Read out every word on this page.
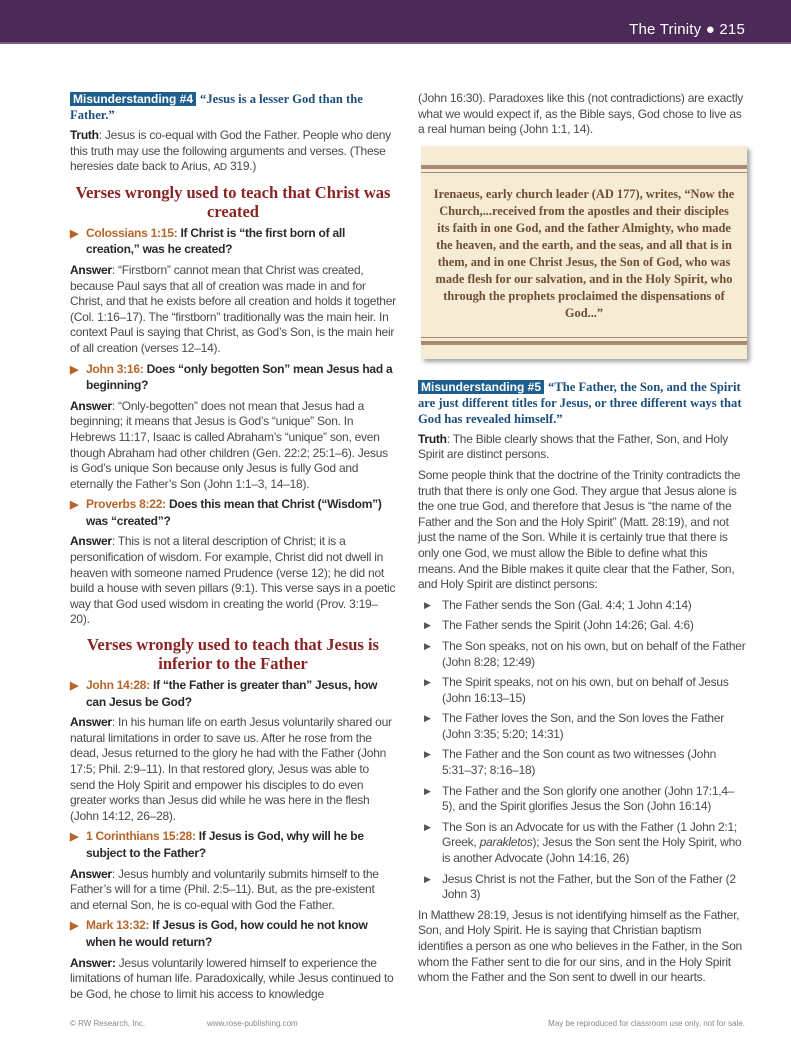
The Trinity ● 215
Misunderstanding #4 “Jesus is a lesser God than the Father.”
Truth: Jesus is co-equal with God the Father. People who deny this truth may use the following arguments and verses. (These heresies date back to Arius, AD 319.)
Verses wrongly used to teach that Christ was created
▶ Colossians 1:15: If Christ is “the first born of all creation,” was he created?
Answer: “Firstborn” cannot mean that Christ was created, because Paul says that all of creation was made in and for Christ, and that he exists before all creation and holds it together (Col. 1:16–17). The “firstborn” traditionally was the main heir. In context Paul is saying that Christ, as God’s Son, is the main heir of all creation (verses 12–14).
▶ John 3:16: Does “only begotten Son” mean Jesus had a beginning?
Answer: “Only-begotten” does not mean that Jesus had a beginning; it means that Jesus is God’s “unique” Son. In Hebrews 11:17, Isaac is called Abraham’s “unique” son, even though Abraham had other children (Gen. 22:2; 25:1–6). Jesus is God’s unique Son because only Jesus is fully God and eternally the Father’s Son (John 1:1–3, 14–18).
▶ Proverbs 8:22: Does this mean that Christ (“Wisdom”) was “created”?
Answer: This is not a literal description of Christ; it is a personification of wisdom. For example, Christ did not dwell in heaven with someone named Prudence (verse 12); he did not build a house with seven pillars (9:1). This verse says in a poetic way that God used wisdom in creating the world (Prov. 3:19–20).
Verses wrongly used to teach that Jesus is inferior to the Father
▶ John 14:28: If “the Father is greater than” Jesus, how can Jesus be God?
Answer: In his human life on earth Jesus voluntarily shared our natural limitations in order to save us. After he rose from the dead, Jesus returned to the glory he had with the Father (John 17:5; Phil. 2:9–11). In that restored glory, Jesus was able to send the Holy Spirit and empower his disciples to do even greater works than Jesus did while he was here in the flesh (John 14:12, 26–28).
▶ 1 Corinthians 15:28: If Jesus is God, why will he be subject to the Father?
Answer: Jesus humbly and voluntarily submits himself to the Father’s will for a time (Phil. 2:5–11). But, as the pre-existent and eternal Son, he is co-equal with God the Father.
▶ Mark 13:32: If Jesus is God, how could he not know when he would return?
Answer: Jesus voluntarily lowered himself to experience the limitations of human life. Paradoxically, while Jesus continued to be God, he chose to limit his access to knowledge
(John 16:30). Paradoxes like this (not contradictions) are exactly what we would expect if, as the Bible says, God chose to live as a real human being (John 1:1, 14).
Irenaeus, early church leader (AD 177), writes, “Now the Church,...received from the apostles and their disciples its faith in one God, and the father Almighty, who made the heaven, and the earth, and the seas, and all that is in them, and in one Christ Jesus, the Son of God, who was made flesh for our salvation, and in the Holy Spirit, who through the prophets proclaimed the dispensations of God...”
Misunderstanding #5 “The Father, the Son, and the Spirit are just different titles for Jesus, or three different ways that God has revealed himself.”
Truth: The Bible clearly shows that the Father, Son, and Holy Spirit are distinct persons.
Some people think that the doctrine of the Trinity contradicts the truth that there is only one God. They argue that Jesus alone is the one true God, and therefore that Jesus is “the name of the Father and the Son and the Holy Spirit” (Matt. 28:19), and not just the name of the Son. While it is certainly true that there is only one God, we must allow the Bible to define what this means. And the Bible makes it quite clear that the Father, Son, and Holy Spirit are distinct persons:
▶ The Father sends the Son (Gal. 4:4; 1 John 4:14)
▶ The Father sends the Spirit (John 14:26; Gal. 4:6)
▶ The Son speaks, not on his own, but on behalf of the Father (John 8:28; 12:49)
▶ The Spirit speaks, not on his own, but on behalf of Jesus (John 16:13–15)
▶ The Father loves the Son, and the Son loves the Father (John 3:35; 5:20; 14:31)
▶ The Father and the Son count as two witnesses (John 5:31–37; 8:16–18)
▶ The Father and the Son glorify one another (John 17:1,4–5), and the Spirit glorifies Jesus the Son (John 16:14)
▶ The Son is an Advocate for us with the Father (1 John 2:1; Greek, parakletos); Jesus the Son sent the Holy Spirit, who is another Advocate (John 14:16, 26)
▶ Jesus Christ is not the Father, but the Son of the Father (2 John 3)
In Matthew 28:19, Jesus is not identifying himself as the Father, Son, and Holy Spirit. He is saying that Christian baptism identifies a person as one who believes in the Father, in the Son whom the Father sent to die for our sins, and in the Holy Spirit whom the Father and the Son sent to dwell in our hearts.
© RW Research, Inc.	www.rose-publishing.com	May be reproduced for classroom use only, not for sale.
